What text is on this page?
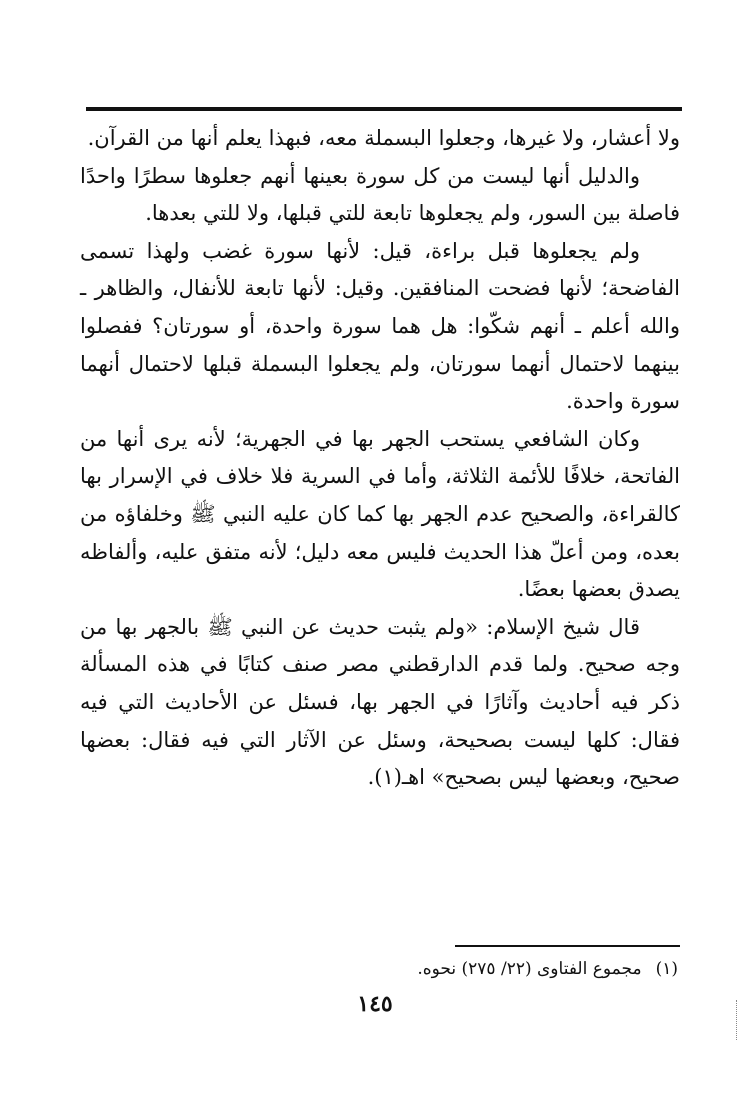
ولا أعشار، ولا غيرها، وجعلوا البسملة معه، فبهذا يعلم أنها من القرآن.

والدليل أنها ليست من كل سورة بعينها أنهم جعلوها سطرًا واحدًا فاصلة بين السور، ولم يجعلوها تابعة للتي قبلها، ولا للتي بعدها.

ولم يجعلوها قبل براءة، قيل: لأنها سورة غضب ولهذا تسمى الفاضحة؛ لأنها فضحت المنافقين. وقيل: لأنها تابعة للأنفال، والظاهر ـ والله أعلم ـ أنهم شكّوا: هل هما سورة واحدة، أو سورتان؟ ففصلوا بينهما لاحتمال أنهما سورتان، ولم يجعلوا البسملة قبلها لاحتمال أنهما سورة واحدة.

وكان الشافعي يستحب الجهر بها في الجهرية؛ لأنه يرى أنها من الفاتحة، خلافًا للأئمة الثلاثة، وأما في السرية فلا خلاف في الإسرار بها كالقراءة، والصحيح عدم الجهر بها كما كان عليه النبي ﷺ وخلفاؤه من بعده، ومن أعلّ هذا الحديث فليس معه دليل؛ لأنه متفق عليه، وألفاظه يصدق بعضها بعضًا.

قال شيخ الإسلام: «ولم يثبت حديث عن النبي ﷺ بالجهر بها من وجه صحيح. ولما قدم الدارقطني مصر صنف كتابًا في هذه المسألة ذكر فيه أحاديث وآثارًا في الجهر بها، فسئل عن الأحاديث التي فيه فقال: كلها ليست بصحيحة، وسئل عن الآثار التي فيه فقال: بعضها صحيح، وبعضها ليس بصحيح» اهـ(١).

(١)مجموع الفتاوى (٢٢/ ٢٧٥) نحوه.
١٤٥
